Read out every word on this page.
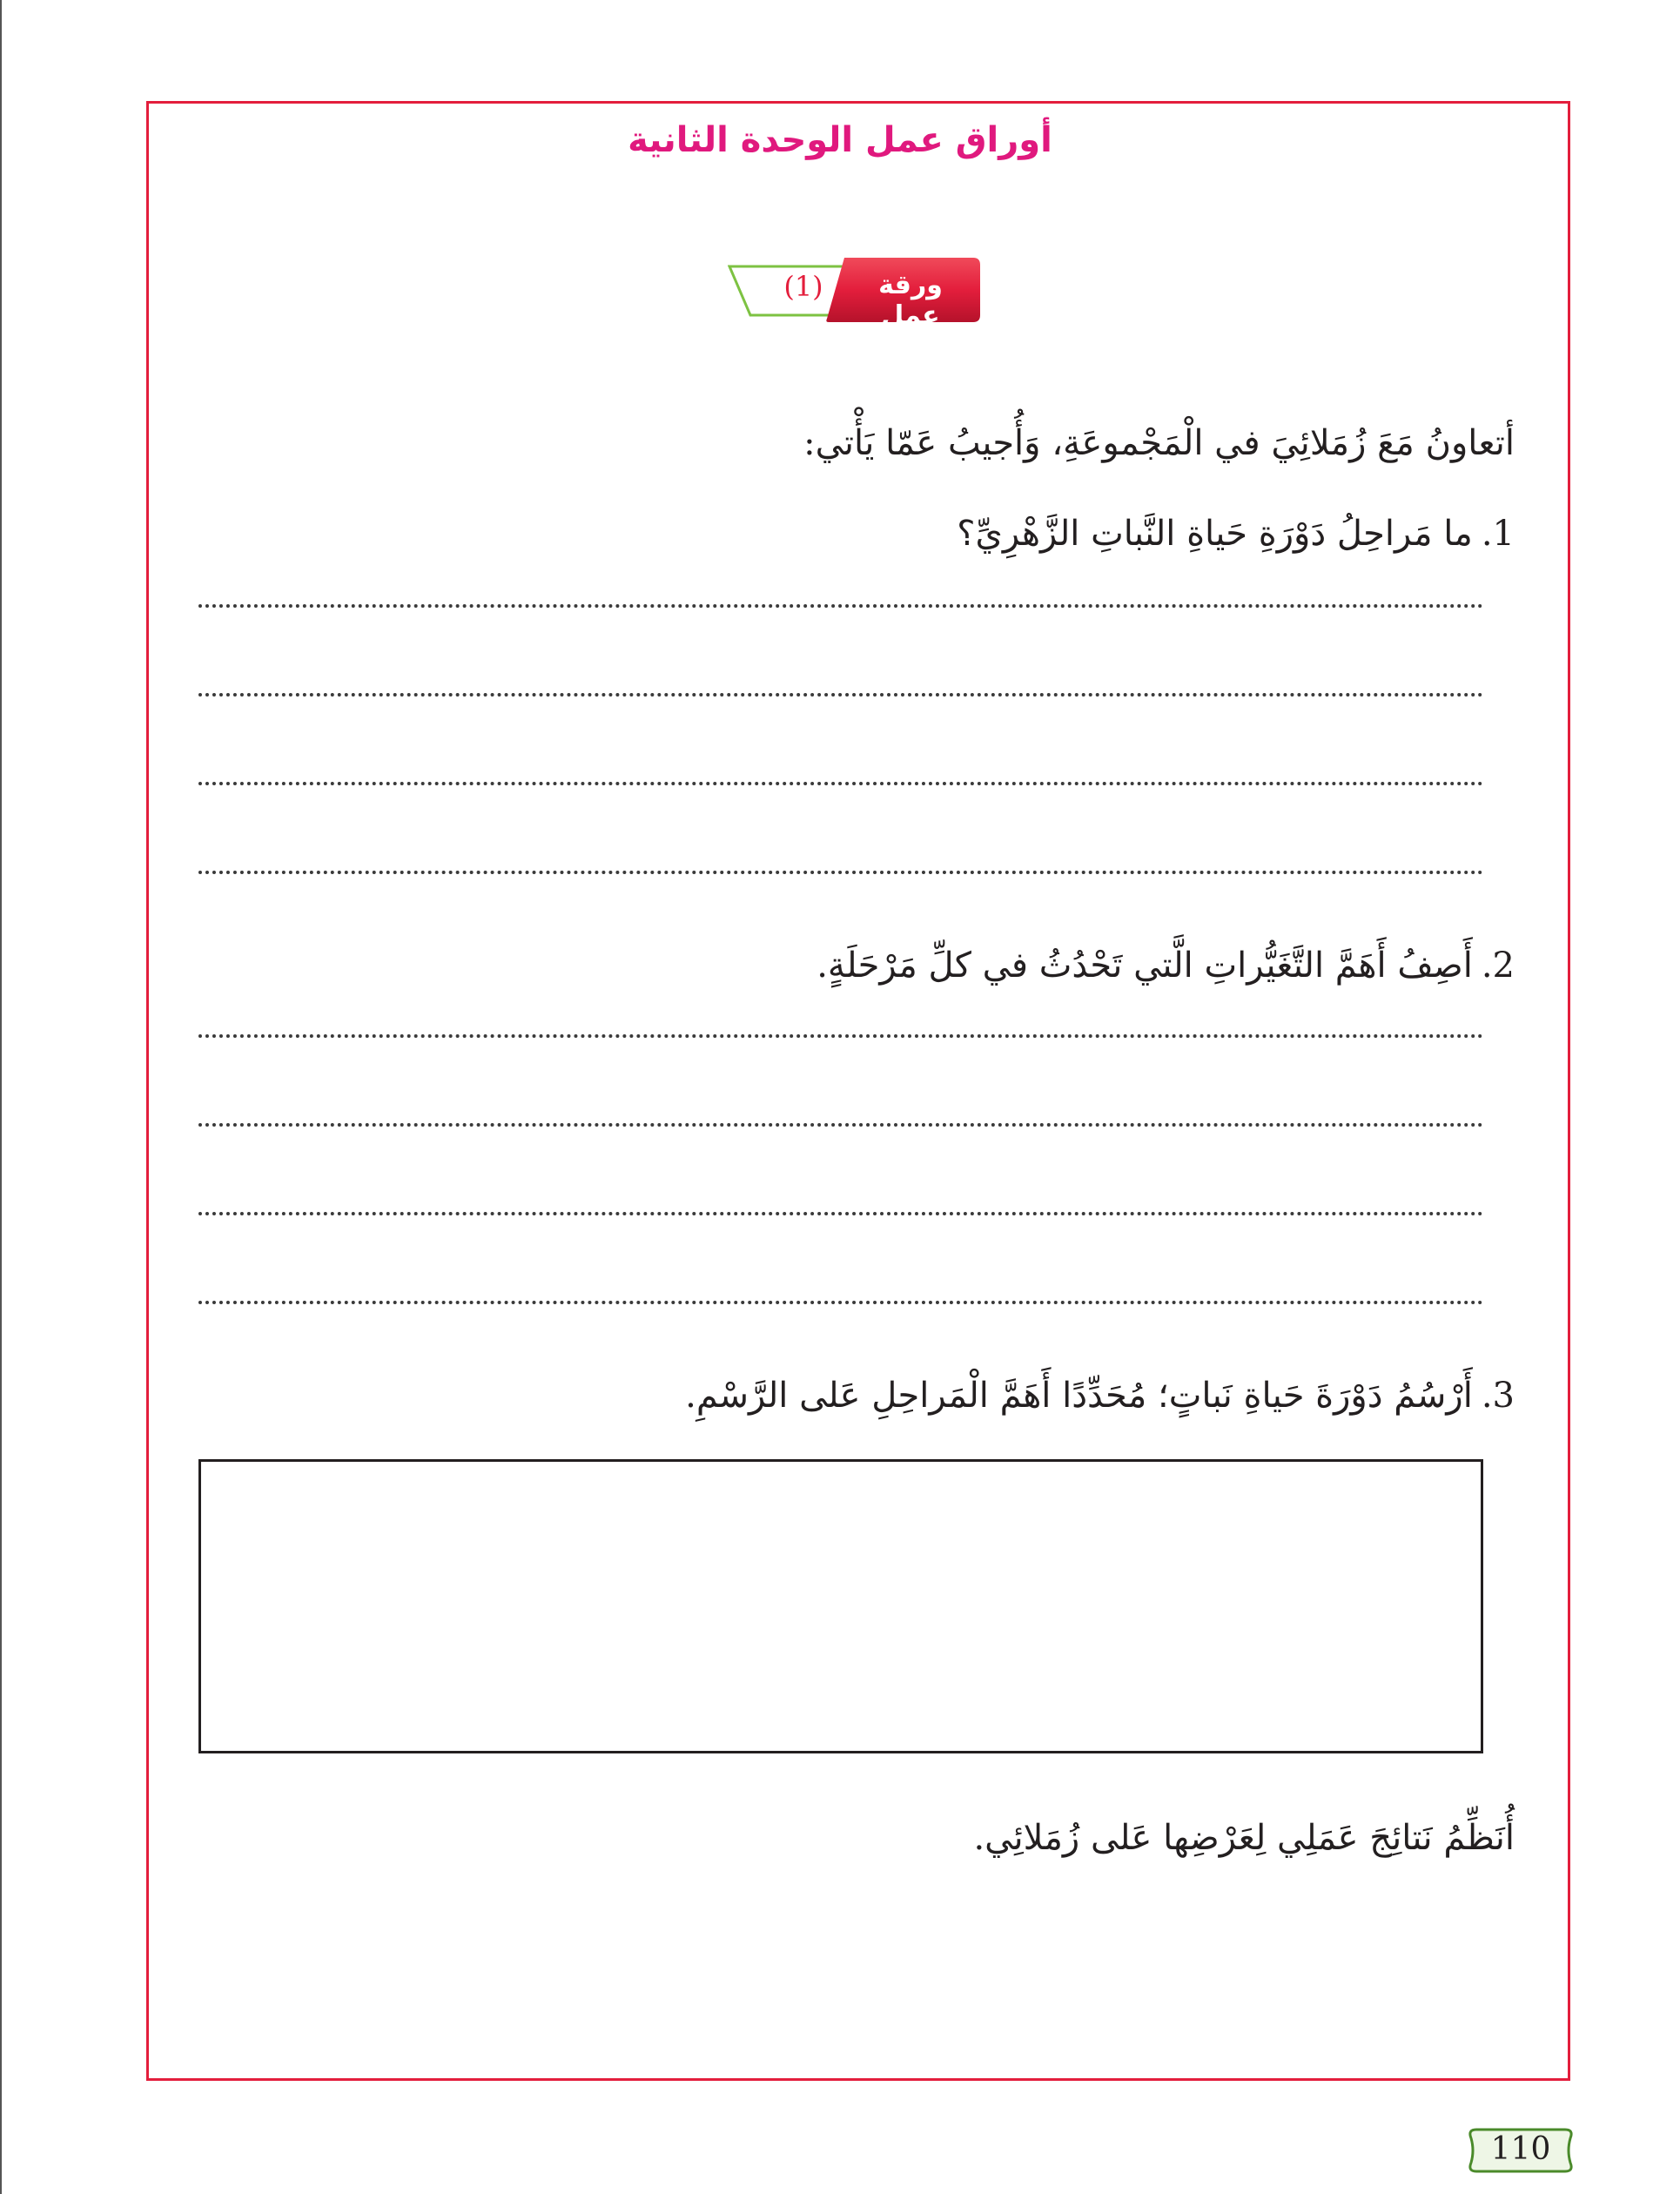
أوراق عمل الوحدة الثانية
(1)	ورقة عمل

أتعاونُ مَعَ زُمَلائِيَ في الْمَجْموعَةِ، وَأُجيبُ عَمّا يَأْتي:

1.ما مَراحِلُ دَوْرَةِ حَياةِ النَّباتِ الزَّهْرِيِّ؟

2.أَصِفُ أَهَمَّ التَّغَيُّراتِ الَّتي تَحْدُثُ في كلِّ مَرْحَلَةٍ.

3.أَرْسُمُ دَوْرَةَ حَياةِ نَباتٍ؛ مُحَدِّدًا أَهَمَّ الْمَراحِلِ عَلى الرَّسْمِ.

أُنَظِّمُ نَتائِجَ عَمَلِي لِعَرْضِها عَلى زُمَلائِي.

110
